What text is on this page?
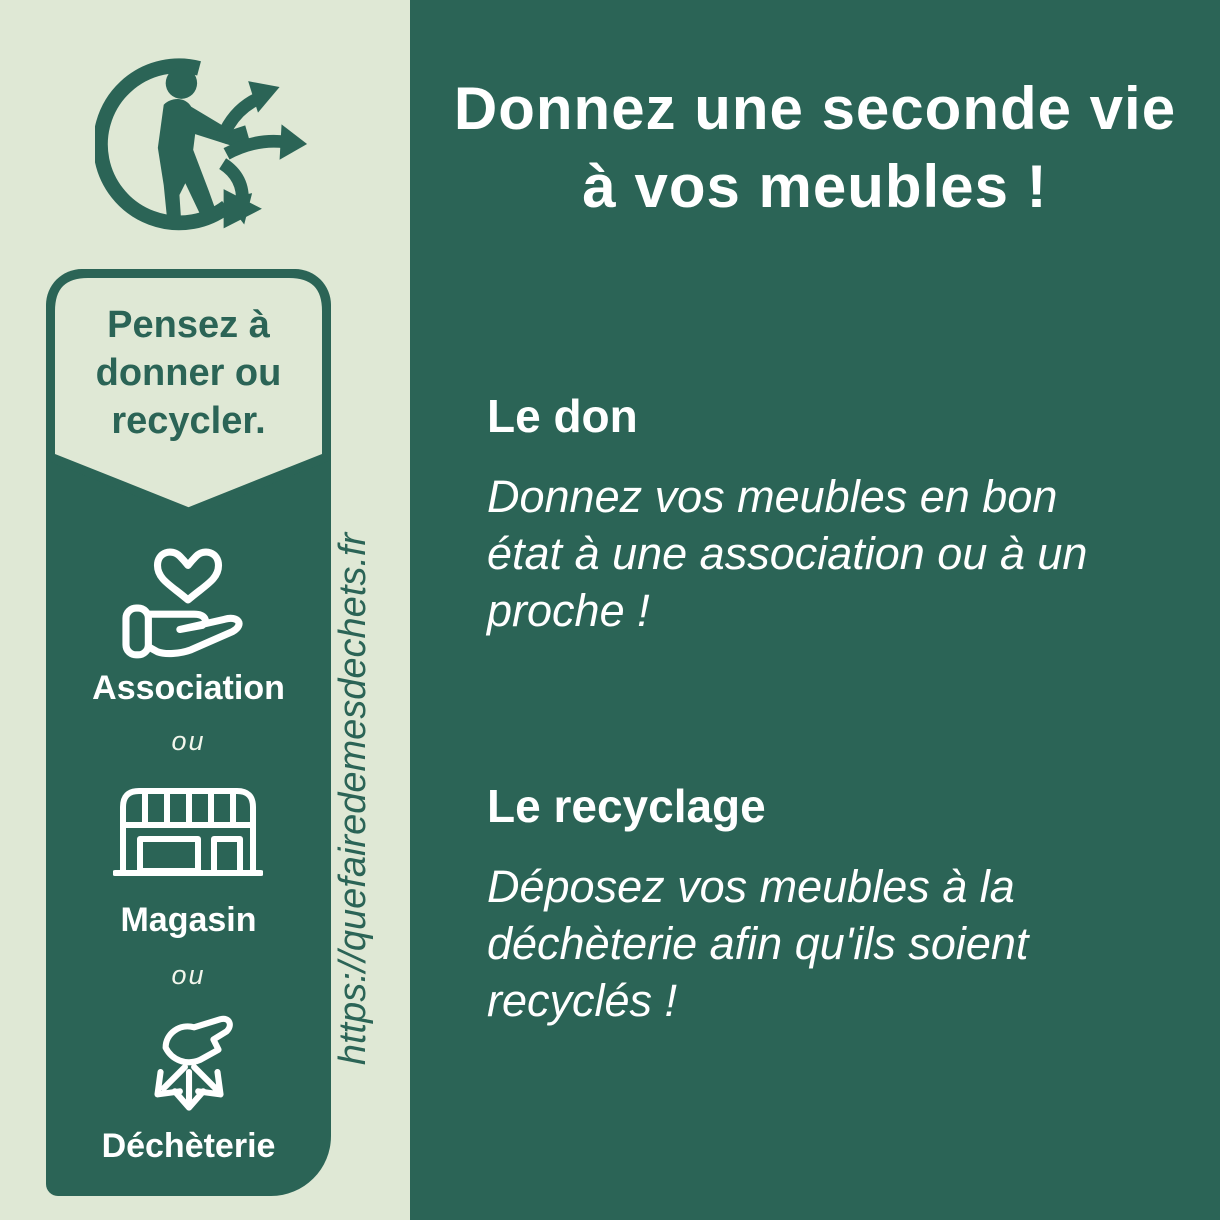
Donnez une seconde vie
à vos meubles !
Le don
Donnez vos meubles en bon
état à une association ou à un
proche !
Le recyclage
Déposez vos meubles à la
déchèterie afin qu'ils soient
recyclés !
Pensez à
donner ou
recycler.
Association
ou
Magasin
ou
Déchèterie
https://quefairedemesdechets.fr
